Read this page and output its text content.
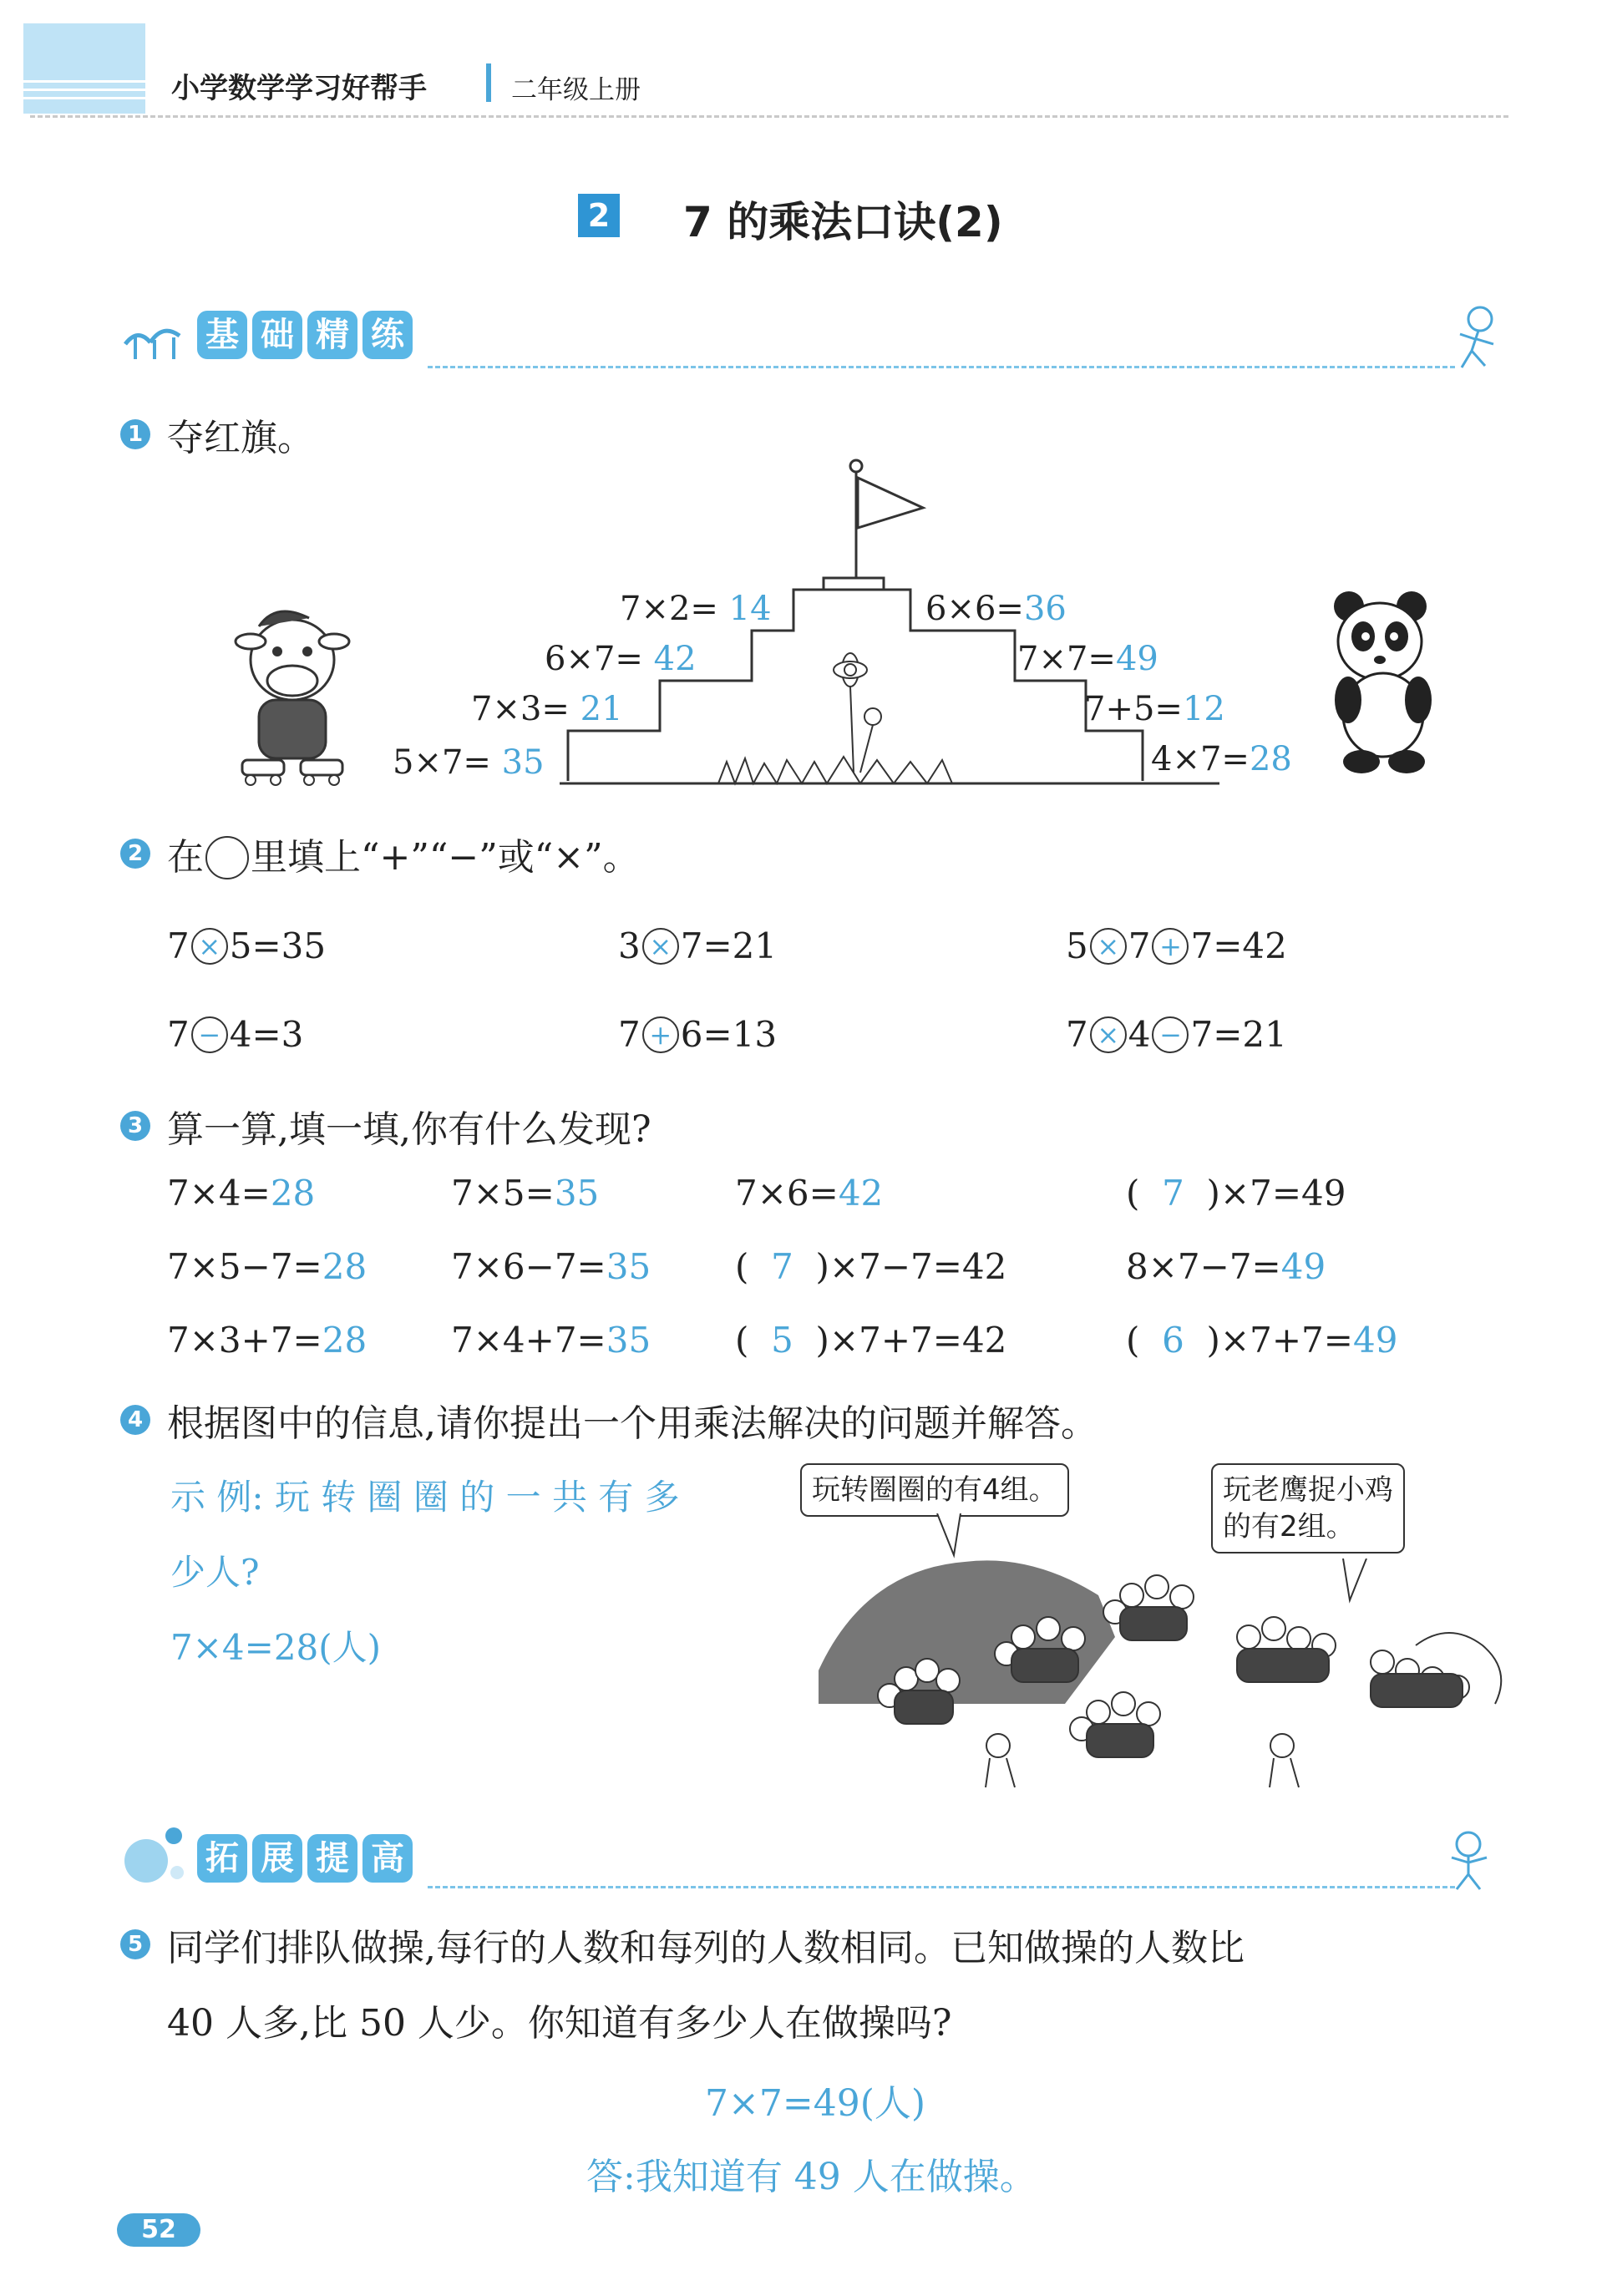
小学数学学习好帮手	二年级上册
2 7 的乘法口诀(2)
基 础 精 练
1 夺红旗。
7×2= 14
6×7= 42
7×3= 21
5×7= 35
6×6=36
7×7=49
7+5=12
4×7=28
2 在 里填上“+”“−”或“×”。
7 × 5=35	3 × 7=21	5 × 7 + 7=42
7 − 4=3	7 + 6=13	7 × 4 − 7=21
3 算一算,填一填,你有什么发现?
7×4=28	7×5=35	7×6=42	(  7  )×7=49
7×5−7=28 7×6−7=35 (  7  )×7−7=42	8×7−7=49
7×3+7=28 7×4+7=35 (  5  )×7+7=42	(  6  )×7+7=49
4 根据图中的信息,请你提出一个用乘法解决的问题并解答。
示 例: 玩 转 圈 圈 的 一 共 有 多
少人?
7×4=28(人)
玩转圈圈的有4组。	玩老鹰捉小鸡
的有2组。
拓 展 提 高
5 同学们排队做操,每行的人数和每列的人数相同。已知做操的人数比
40 人多,比 50 人少。你知道有多少人在做操吗?
7×7=49(人)
答:我知道有 49 人在做操。
52
